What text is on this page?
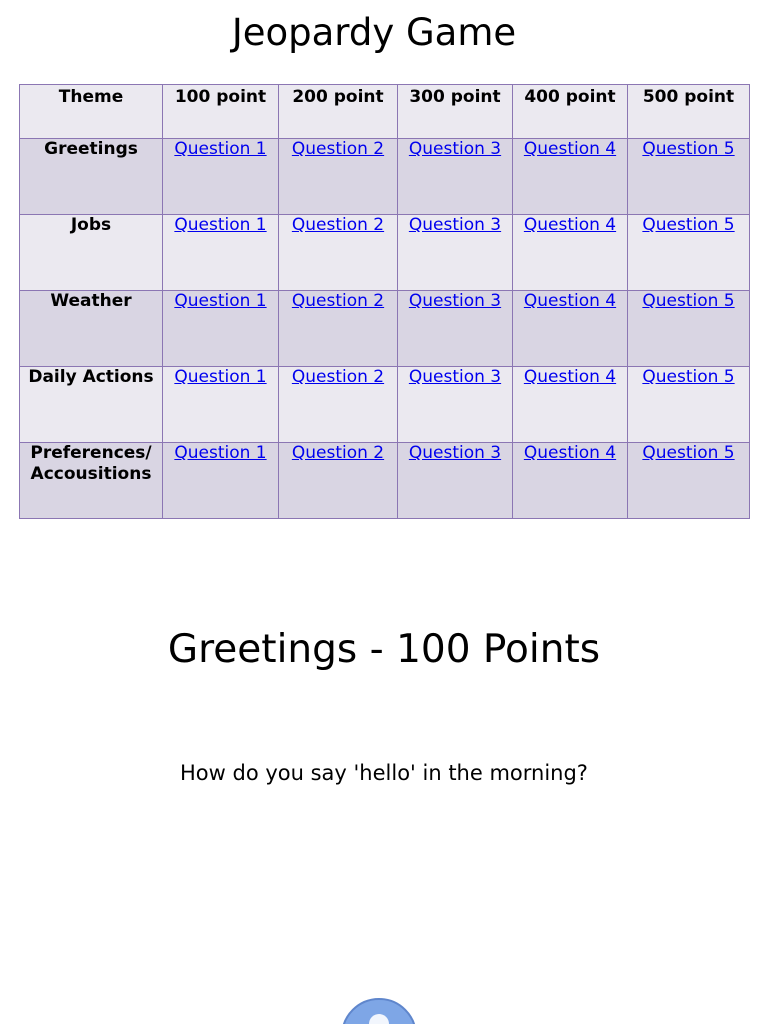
Jeopardy Game
Theme	100 point	200 point	300 point	400 point	500 point
Greetings	Question 1	Question 2	Question 3	Question 4	Question 5
Jobs	Question 1	Question 2	Question 3	Question 4	Question 5
Weather	Question 1	Question 2	Question 3	Question 4	Question 5
Daily Actions	Question 1	Question 2	Question 3	Question 4	Question 5
Preferences/ Accousitions	Question 1	Question 2	Question 3	Question 4	Question 5
Greetings - 100 Points
How do you say 'hello' in the morning?
